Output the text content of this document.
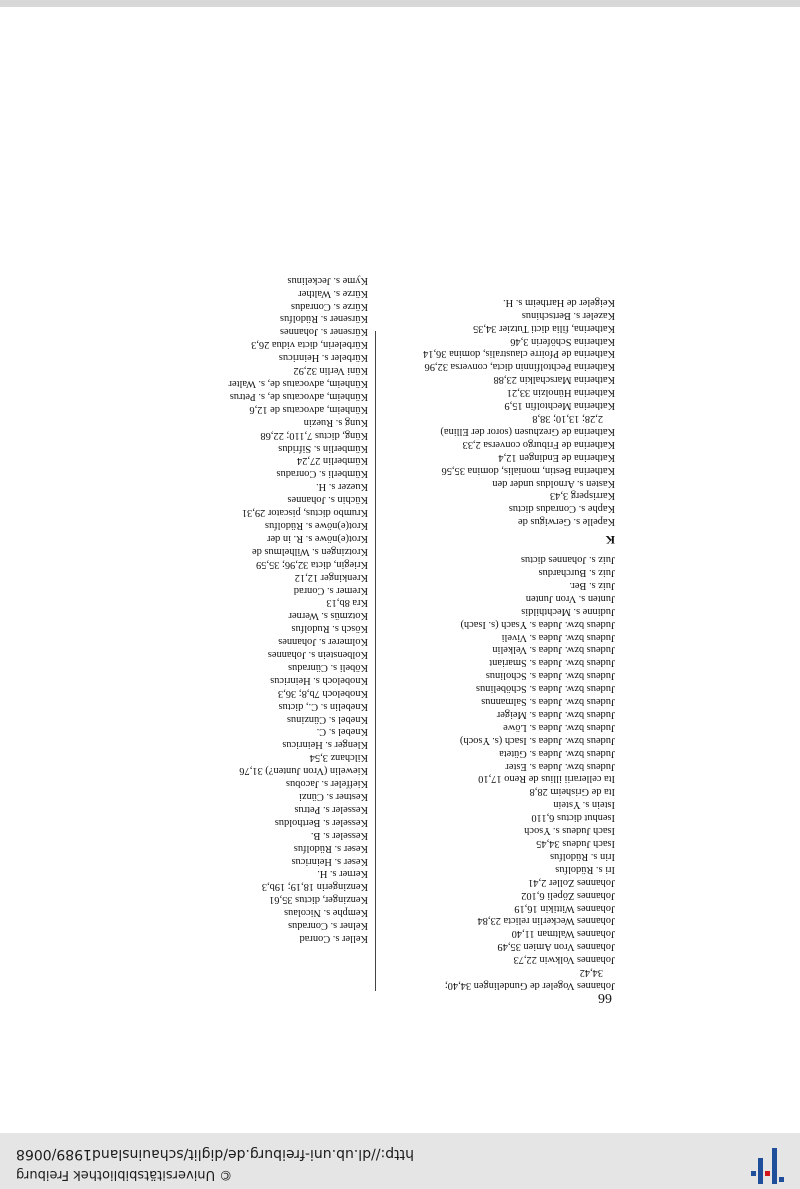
© Universitätsbibliothek Freiburg
http://dl.ub.uni-freiburg.de/diglit/schauinsland1989/0068
66
Johannes Vogeler de Gundelingen 34,40;
34,42
Johannes Volkwin 22,73
Johannes Vron Amien 35,49
Johannes Waltman 11,40
Johannes Weckerlin relicta 23,84
Johannes Wittikin 16,19
Johannes Zöpeli 6,102
Johannes Zoller 2,41
Iri s. Rüdolfus
Irin s. Rüdolfus
Isach Judeus 34,45
Isach Judeus s. Ysoch
Isenhut dictus 6,110
Istein s. Ysteín
Ita de Grisheim 28,8
Ita cellerarii illius de Reno 17,10
Judeus bzw. Judea s. Ester
Judeus bzw. Judea s. Güteta
Judeus bzw. Judea s. Isach (s. Ysoch)
Judeus bzw. Judea s. Löwe
Judeus bzw. Judea s. Meiger
Judeus bzw. Judea s. Salmannus
Judeus bzw. Judea s. Schöbelinus
Judeus bzw. Judea s. Scholinus
Judeus bzw. Judea s. Smariant
Judeus bzw. Judea s. Velkelin
Judeus bzw. Judea s. Viveli
Judeus bzw. Judea s. Ysach (s. Isach)
Judinne s. Mechthildis
Junten s. Vron Junten
Juiz s. Ber.
Juiz s. Burchardus
Juiz s. Johannes dictus
K
Kapelle s. Gerwigus de
Kaphe s. Conradus dictus
Karrisperg 3,43
Kasten s. Arnoldus under den
Katherina Bestin, monialis, domina 35,56
Katherina de Endingen 12,4
Katherina de Friburgo conversa 2,33
Katherina de Grezhusen (soror der Ellina)
2,28; 13,10; 38,8
Katherina Mechtolfin 15,9
Katherina Hünolzin 33,21
Katherina Marschalkin 23,88
Katherina Pechtolfinnin dicta, conversa 32,96
Katherina de Pfoirre claustralis, domina 36,14
Katherina Schöferin 3,46
Katherina, filia dicti Tutzier 34,35
Kazeler s. Bertschinus
Keigeler de Hartheim s. H.
Keller s. Conrad
Kelner s. Conradus
Kemphe s. Nicolaus
Kenzinger, dictus 35,61
Kenzingerin 18,19; 19b,3
Kerner s. H.
Keser s. Heinricus
Keser s. Rüdolfus
Kesseler s. B.
Kesseler s. Bertholdus
Kesseler s. Petrus
Kestner s. Cünzi
Kieffeler s. Jacobus
Kiewelin (Vron Junten?) 31,76
Kilchanz 3,54
Klenger s. Heinricus
Knebel s. C.
Knebel s. Cünzinus
Knebelin s. C., dictus
Knobeloch 7b,8; 36,3
Knobeloch s. Heinricus
Köbeli s. Cünradus
Kolbenstein s. Johannes
Kolmerer s. Johannes
Kösch s. Rudolfus
Kotzmüs s. Werner
Kra 8b,13
Kremer s. Conrad
Krenkinger 12,12
Kriegin, dicta 32,96; 35,59
Krotzingen s. Wilhelmus de
Krot(e)nöwe s. R. in der
Krot(e)nöwe s. Rüdolfus
Krumbo dictus, piscator 29,31
Küchin s. Johannes
Kuezer s. H.
Kümberli s. Conradus
Kümberlin 27,24
Kümberlin s. Sifridus
Küng, dictus 7,110; 22,68
Kung s. Ruezin
Künheim, advocatus de 12,6
Künheim, advocatus de, s. Petrus
Künheim, advocatus de, s. Walter
Küni Verlin 32,92
Kürbeler s. Heinricus
Kürbelerin, dicta vidua 26,3
Kürsener s. Johannes
Kürsener s. Rüdolfus
Kürze s. Conradus
Kürze s. Walther
Kyme s. Jeckelinus
